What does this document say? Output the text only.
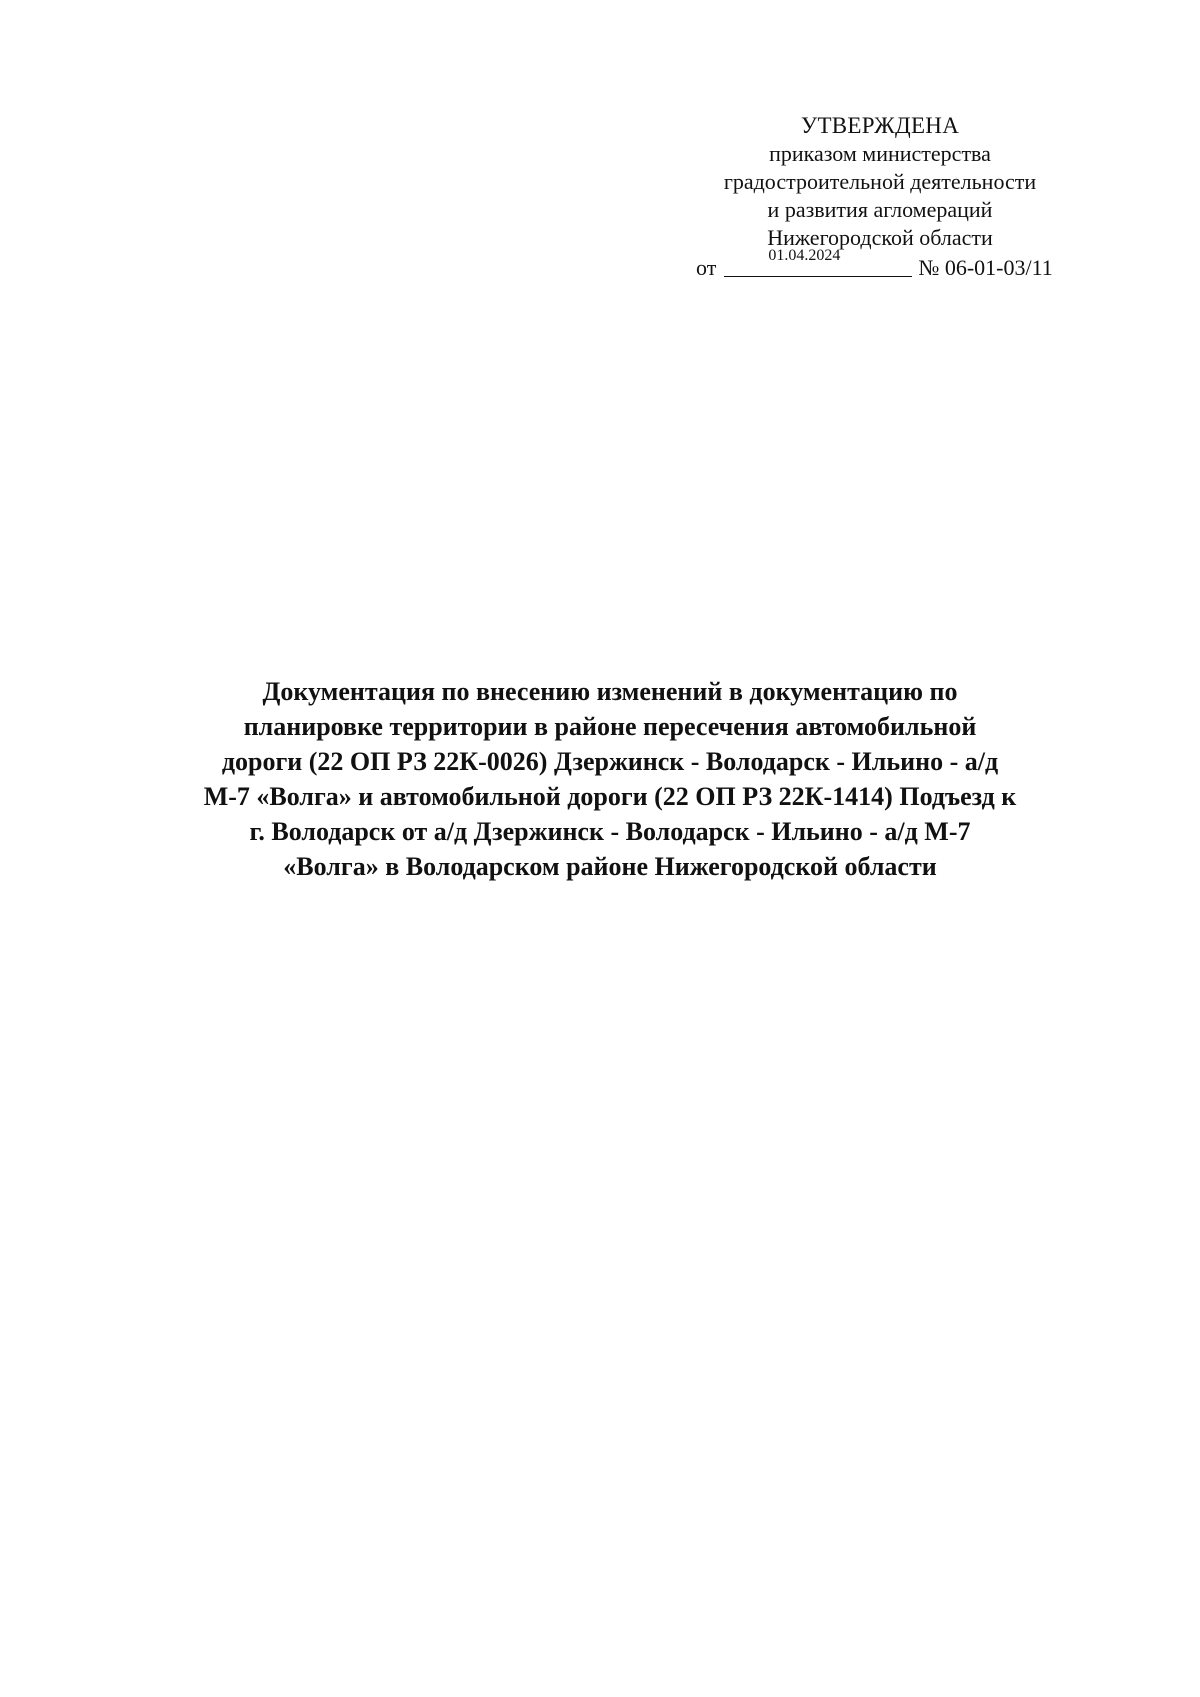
УТВЕРЖДЕНА
приказом министерства
градостроительной деятельности
и развития агломераций
Нижегородской области
от	01.04.2024	№ 06-01-03/11
Документация по внесению изменений в документацию по
планировке территории в районе пересечения автомобильной
дороги (22 ОП РЗ 22К-0026) Дзержинск - Володарск - Ильино - а/д
М-7 «Волга» и автомобильной дороги (22 ОП РЗ 22К-1414) Подъезд к
г. Володарск от а/д Дзержинск - Володарск - Ильино - а/д М-7
«Волга» в Володарском районе Нижегородской области
